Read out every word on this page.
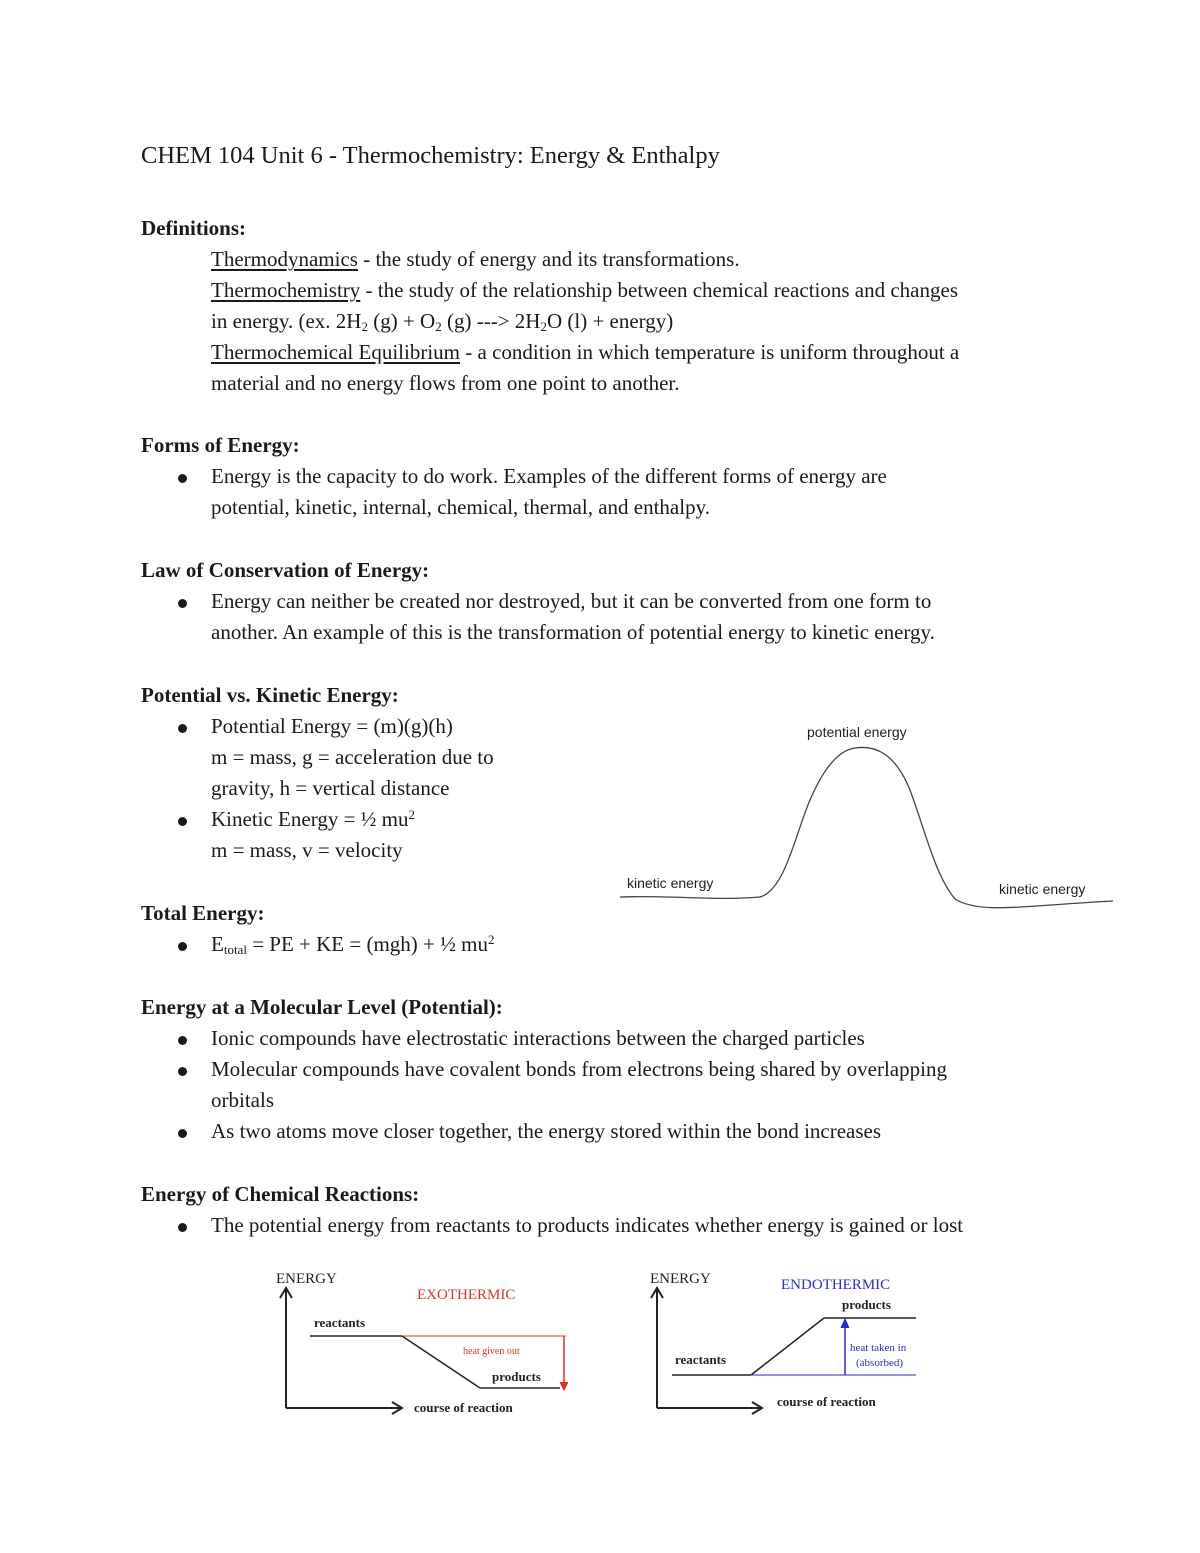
CHEM 104 Unit 6 - Thermochemistry: Energy & Enthalpy
Definitions:
Thermodynamics - the study of energy and its transformations.
Thermochemistry - the study of the relationship between chemical reactions and changes
in energy. (ex. $2H_2$ $(g) + O_2$ (g) ---> $2H_2O$ (l) + energy)
Thermochemical Equilibrium - a condition in which temperature is uniform throughout a
material and no energy flows from one point to another.
Forms of Energy:
Energy is the capacity to do work. Examples of the different forms of energy are
potential, kinetic, internal, chemical, thermal, and enthalpy.
Law of Conservation of Energy:
Energy can neither be created nor destroyed, but it can be converted from one form to
another. An example of this is the transformation of potential energy to kinetic energy.
Potential vs. Kinetic Energy:
Potential Energy = (m)(g)(h)
m = mass, g = acceleration due to
gravity, h = vertical distance
Kinetic Energy = ½ $mu^2$
m = mass, v = velocity
potential energy
kinetic energy	kinetic energy
Total Energy:
$E_{total}$ = PE + KE = (mgh) + ½ $mu^2$
Energy at a Molecular Level (Potential):
Ionic compounds have electrostatic interactions between the charged particles
Molecular compounds have covalent bonds from electrons being shared by overlapping
orbitals
As two atoms move closer together, the energy stored within the bond increases
Energy of Chemical Reactions:
The potential energy from reactants to products indicates whether energy is gained or lost
ENERGY
course of reaction
EXOTHERMIC
reactants
products
heat given out
ENERGY
course of reaction
ENDOTHERMIC
products
reactants
heat taken in
(absorbed)
